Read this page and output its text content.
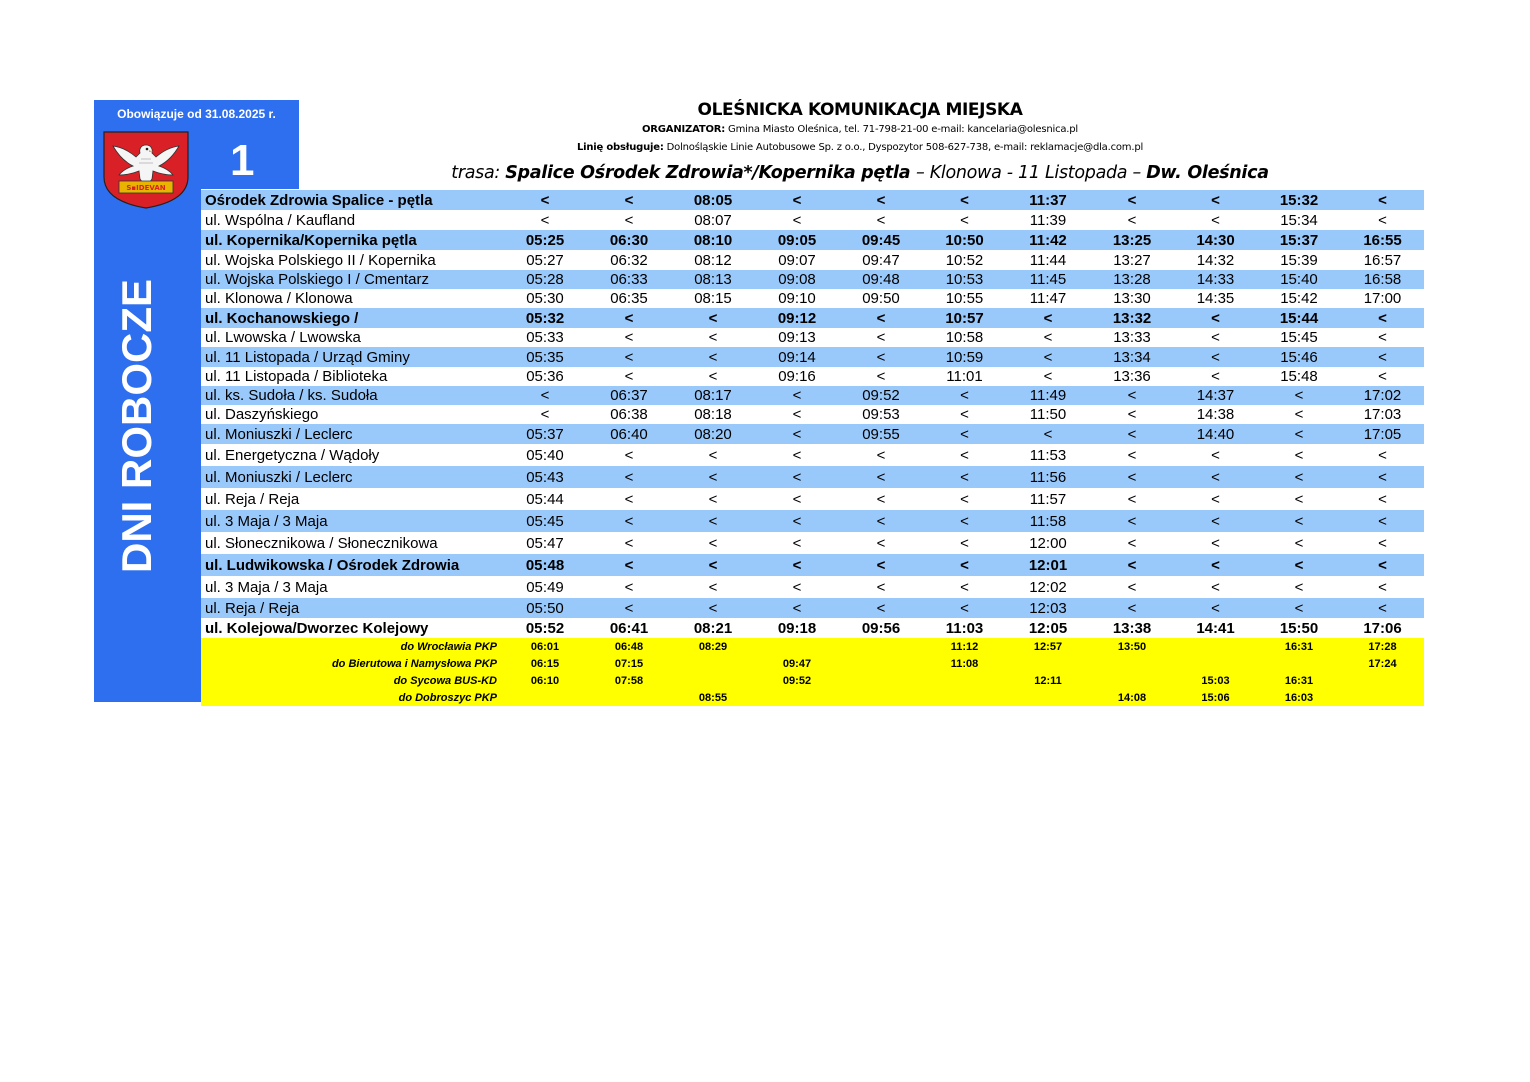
Obowiązuje od 31.08.2025 r.
1
S▪IDEVAN
DNI ROBOCZE
OLEŚNICKA KOMUNIKACJA MIEJSKA
ORGANIZATOR: Gmina Miasto Oleśnica, tel. 71-798-21-00 e-mail: kancelaria@olesnica.pl
Linię obsługuje: Dolnośląskie Linie Autobusowe Sp. z o.o., Dyspozytor 508-627-738, e-mail: reklamacje@dla.com.pl
trasa: Spalice Ośrodek Zdrowia*/Kopernika pętla – Klonowa - 11 Listopada – Dw. Oleśnica
Ośrodek Zdrowia Spalice - pętla	<	<	08:05	<	<	<	11:37	<	<	15:32	<
ul. Wspólna / Kaufland	<	<	08:07	<	<	<	11:39	<	<	15:34	<
ul. Kopernika/Kopernika pętla	05:25	06:30	08:10	09:05	09:45	10:50	11:42	13:25	14:30	15:37	16:55
ul. Wojska Polskiego II / Kopernika	05:27	06:32	08:12	09:07	09:47	10:52	11:44	13:27	14:32	15:39	16:57
ul. Wojska Polskiego I / Cmentarz	05:28	06:33	08:13	09:08	09:48	10:53	11:45	13:28	14:33	15:40	16:58
ul. Klonowa / Klonowa	05:30	06:35	08:15	09:10	09:50	10:55	11:47	13:30	14:35	15:42	17:00
ul. Kochanowskiego /	05:32	<	<	09:12	<	10:57	<	13:32	<	15:44	<
ul. Lwowska / Lwowska	05:33	<	<	09:13	<	10:58	<	13:33	<	15:45	<
ul. 11 Listopada / Urząd Gminy	05:35	<	<	09:14	<	10:59	<	13:34	<	15:46	<
ul. 11 Listopada / Biblioteka	05:36	<	<	09:16	<	11:01	<	13:36	<	15:48	<
ul. ks. Sudoła / ks. Sudoła	<	06:37	08:17	<	09:52	<	11:49	<	14:37	<	17:02
ul. Daszyńskiego	<	06:38	08:18	<	09:53	<	11:50	<	14:38	<	17:03
ul. Moniuszki / Leclerc	05:37	06:40	08:20	<	09:55	<	<	<	14:40	<	17:05
ul. Energetyczna / Wądoły	05:40	<	<	<	<	<	11:53	<	<	<	<
ul. Moniuszki / Leclerc	05:43	<	<	<	<	<	11:56	<	<	<	<
ul. Reja / Reja	05:44	<	<	<	<	<	11:57	<	<	<	<
ul. 3 Maja / 3 Maja	05:45	<	<	<	<	<	11:58	<	<	<	<
ul. Słonecznikowa / Słonecznikowa	05:47	<	<	<	<	<	12:00	<	<	<	<
ul. Ludwikowska / Ośrodek Zdrowia	05:48	<	<	<	<	<	12:01	<	<	<	<
ul. 3 Maja / 3 Maja	05:49	<	<	<	<	<	12:02	<	<	<	<
ul. Reja / Reja	05:50	<	<	<	<	<	12:03	<	<	<	<
ul. Kolejowa/Dworzec Kolejowy	05:52	06:41	08:21	09:18	09:56	11:03	12:05	13:38	14:41	15:50	17:06
do Wrocławia PKP	06:01	06:48	08:29			11:12	12:57	13:50		16:31	17:28
do Bierutowa i Namysłowa PKP	06:15	07:15		09:47		11:08					17:24
do Sycowa BUS-KD	06:10	07:58		09:52			12:11		15:03	16:31	
do Dobroszyc PKP			08:55					14:08	15:06	16:03	
